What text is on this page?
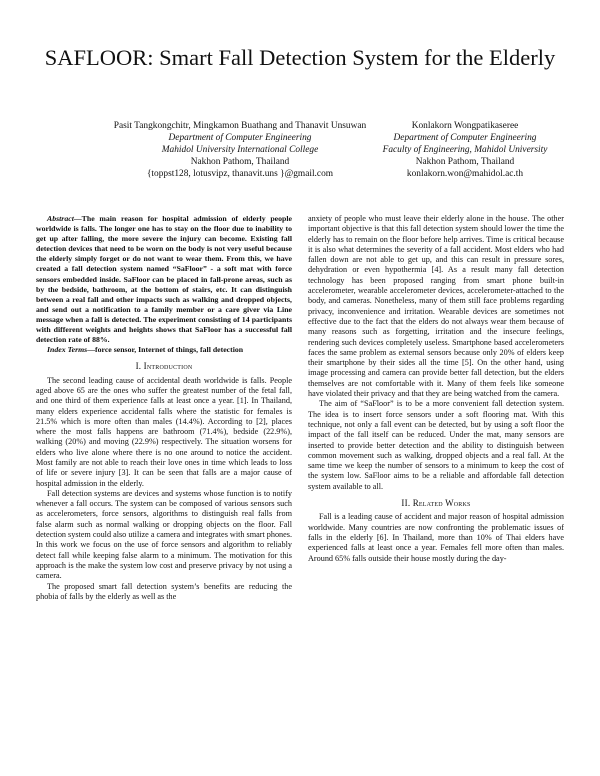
SAFLOOR: Smart Fall Detection System for the Elderly
Pasit Tangkongchitr, Mingkamon Buathang and Thanavit Unsuwan
Department of Computer Engineering
Mahidol University International College
Nakhon Pathom, Thailand
{toppst128, lotusvipz, thanavit.uns }@gmail.com
Konlakorn Wongpatikaseree
Department of Computer Engineering
Faculty of Engineering, Mahidol University
Nakhon Pathom, Thailand
konlakorn.won@mahidol.ac.th

Abstract—The main reason for hospital admission of elderly people worldwide is falls. The longer one has to stay on the floor due to inability to get up after falling, the more severe the injury can become. Existing fall detection devices that need to be worn on the body is not very useful because the elderly simply forget or do not want to wear them. From this, we have created a fall detection system named “SaFloor” - a soft mat with force sensors embedded inside. SaFloor can be placed in fall-prone areas, such as by the bedside, bathroom, at the bottom of stairs, etc. It can distinguish between a real fall and other impacts such as walking and dropped objects, and send out a notification to a family member or a care giver via Line message when a fall is detected. The experiment consisting of 14 participants with different weights and heights shows that SaFloor has a successful fall detection rate of 88%.

Index Terms—force sensor, Internet of things, fall detection

I. Introduction

The second leading cause of accidental death worldwide is falls. People aged above 65 are the ones who suffer the greatest number of the fetal fall, and one third of them experience falls at least once a year. [1]. In Thailand, many elders experience accidental falls where the statistic for females is 21.5% which is more often than males (14.4%). According to [2], places where the most falls happens are bathroom (71.4%), bedside (22.9%), walking (20%) and moving (22.9%) respectively. The situation worsens for elders who live alone where there is no one around to notice the accident. Most family are not able to reach their love ones in time which leads to loss of life or severe injury [3]. It can be seen that falls are a major cause of hospital admission in the elderly.

Fall detection systems are devices and systems whose function is to notify whenever a fall occurs. The system can be composed of various sensors such as accelerometers, force sensors, algorithms to distinguish real falls from false alarm such as normal walking or dropping objects on the floor. Fall detection system could also utilize a camera and integrates with smart phones. In this work we focus on the use of force sensors and algorithm to reliably detect fall while keeping false alarm to a minimum. The motivation for this approach is the make the system low cost and preserve privacy by not using a camera.

The proposed smart fall detection system’s benefits are reducing the phobia of falls by the elderly as well as the

anxiety of people who must leave their elderly alone in the house. The other important objective is that this fall detection system should lower the time the elderly has to remain on the floor before help arrives. Time is critical because it is also what determines the severity of a fall accident. Most elders who had fallen down are not able to get up, and this can result in pressure sores, dehydration or even hypothermia [4]. As a result many fall detection technology has been proposed ranging from smart phone built-in accelerometer, wearable accelerometer devices, accelerometer-attached to the body, and cameras. Nonetheless, many of them still face problems regarding privacy, inconvenience and irritation. Wearable devices are sometimes not effective due to the fact that the elders do not always wear them because of many reasons such as forgetting, irritation and the insecure feelings, rendering such devices completely useless. Smartphone based accelerometers faces the same problem as external sensors because only 20% of elders keep their smartphone by their sides all the time [5]. On the other hand, using image processing and camera can provide better fall detection, but the elders themselves are not comfortable with it. Many of them feels like someone have violated their privacy and that they are being watched from the camera.

The aim of “SaFloor” is to be a more convenient fall detection system. The idea is to insert force sensors under a soft flooring mat. With this technique, not only a fall event can be detected, but by using a soft floor the impact of the fall itself can be reduced. Under the mat, many sensors are inserted to provide better detection and the ability to distinguish between common movement such as walking, dropped objects and a real fall. At the same time we keep the number of sensors to a minimum to keep the cost of the system low. SaFloor aims to be a reliable and affordable fall detection system available to all.

II. Related Works

Fall is a leading cause of accident and major reason of hospital admission worldwide. Many countries are now confronting the problematic issues of falls in the elderly [6]. In Thailand, more than 10% of Thai elders have experienced falls at least once a year. Females fell more often than males. Around 65% falls outside their house mostly during the day-
